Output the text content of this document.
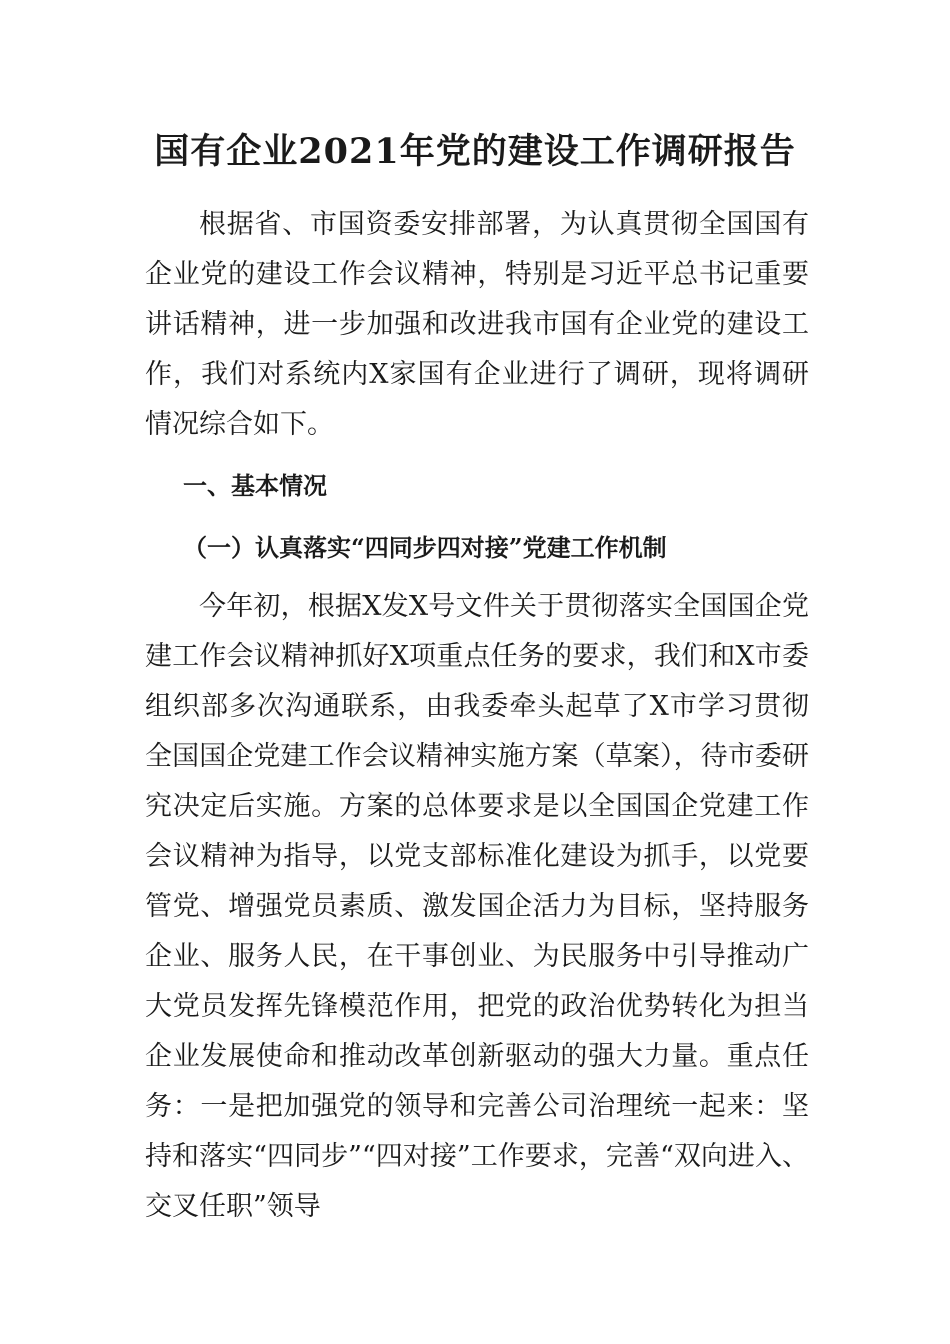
国有企业2021年党的建设工作调研报告

根据省、市国资委安排部署，为认真贯彻全国国有企业党的建设工作会议精神，特别是习近平总书记重要讲话精神，进一步加强和改进我市国有企业党的建设工作，我们对系统内X家国有企业进行了调研，现将调研情况综合如下。

一、基本情况
（一）认真落实“四同步四对接”党建工作机制

今年初，根据X发X号文件关于贯彻落实全国国企党建工作会议精神抓好X项重点任务的要求，我们和X市委组织部多次沟通联系，由我委牵头起草了X市学习贯彻全国国企党建工作会议精神实施方案（草案），待市委研究决定后实施。方案的总体要求是以全国国企党建工作会议精神为指导，以党支部标准化建设为抓手，以党要管党、增强党员素质、激发国企活力为目标，坚持服务企业、服务人民，在干事创业、为民服务中引导推动广大党员发挥先锋模范作用，把党的政治优势转化为担当企业发展使命和推动改革创新驱动的强大力量。重点任务：一是把加强党的领导和完善公司治理统一起来：坚持和落实“四同步”“四对接”工作要求，完善“双向进入、交叉任职”领导
